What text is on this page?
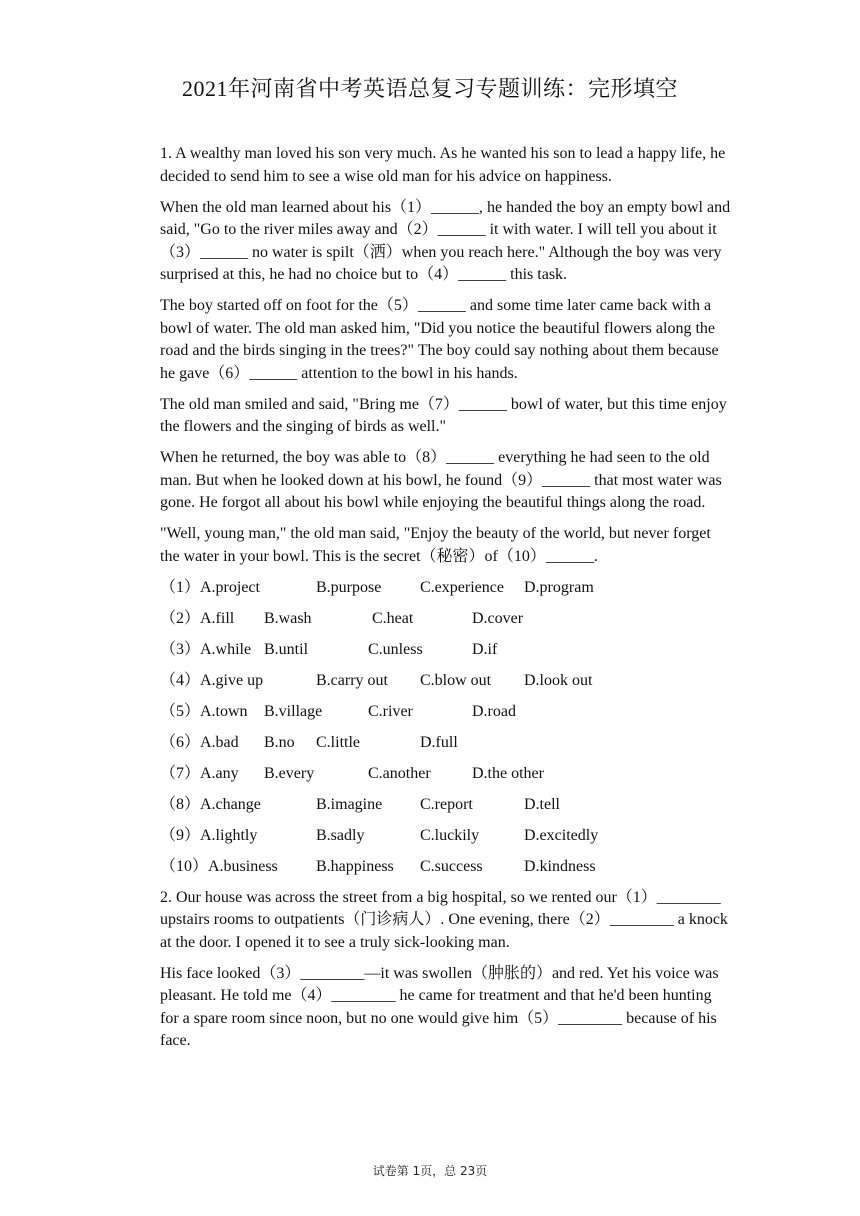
2021年河南省中考英语总复习专题训练：完形填空

1. A wealthy man loved his son very much. As he wanted his son to lead a happy life, he decided to send him to see a wise old man for his advice on happiness.

When the old man learned about his（1）______, he handed the boy an empty bowl and said, "Go to the river miles away and（2）______ it with water. I will tell you about it（3）______ no water is spilt（洒）when you reach here." Although the boy was very surprised at this, he had no choice but to（4）______ this task.

The boy started off on foot for the（5）______ and some time later came back with a bowl of water. The old man asked him, "Did you notice the beautiful flowers along the road and the birds singing in the trees?" The boy could say nothing about them because he gave（6）______ attention to the bowl in his hands.

The old man smiled and said, "Bring me（7）______ bowl of water, but this time enjoy the flowers and the singing of birds as well."

When he returned, the boy was able to（8）______ everything he had seen to the old man. But when he looked down at his bowl, he found（9）______ that most water was gone. He forgot all about his bowl while enjoying the beautiful things along the road.

"Well, young man," the old man said, "Enjoy the beauty of the world, but never forget the water in your bowl. This is the secret（秘密）of（10）______.

（1）A.project	B.purpose C.experience D.program
（2）A.fill B.wash	C.heat	D.cover
（3）A.while B.until	C.unless	D.if
（4）A.give up	B.carry out C.blow out D.look out
（5）A.town B.village	C.river	D.road
（6）A.bad B.no C.little	D.full
（7）A.any B.every	C.another	D.the other
（8）A.change	B.imagine C.report	D.tell
（9）A.lightly	B.sadly	C.luckily	D.excitedly
（10）A.business B.happiness C.success	D.kindness

2. Our house was across the street from a big hospital, so we rented our（1）________ upstairs rooms to outpatients（门诊病人）. One evening, there（2）________ a knock at the door. I opened it to see a truly sick-looking man.

His face looked（3）________—it was swollen（肿胀的）and red. Yet his voice was pleasant. He told me（4）________ he came for treatment and that he'd been hunting for a spare room since noon, but no one would give him（5）________ because of his face.

试卷第 1页，总 23页
